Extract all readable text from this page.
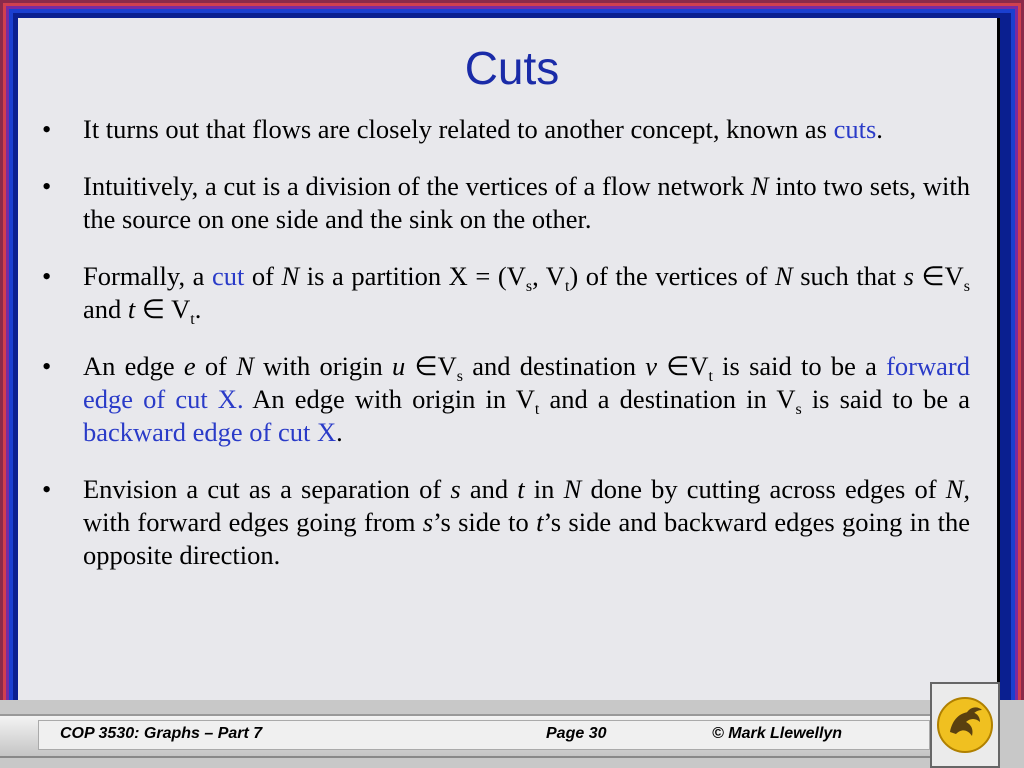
Cuts
• It turns out that flows are closely related to another concept, known as cuts.
• Intuitively, a cut is a division of the vertices of a flow network N into two sets, with the source on one side and the sink on the other.
• Formally, a cut of N is a partition $X = (V_s$, $V_t$) of the vertices of N such that s $\in V_s$ and t ∈ $V_t$.
• An edge e of N with origin u $\in V_s$ and destination v $\in V_t$ is said to be a forward edge of cut X. An edge with origin in $V_t$ and a destination in $V_s$ is said to be a backward edge of cut X.
• Envision a cut as a separation of s and t in N done by cutting across edges of N, with forward edges going from s’s side to t’s side and backward edges going in the opposite direction.
COP 3530: Graphs – Part 7	Page 30	© Mark Llewellyn
